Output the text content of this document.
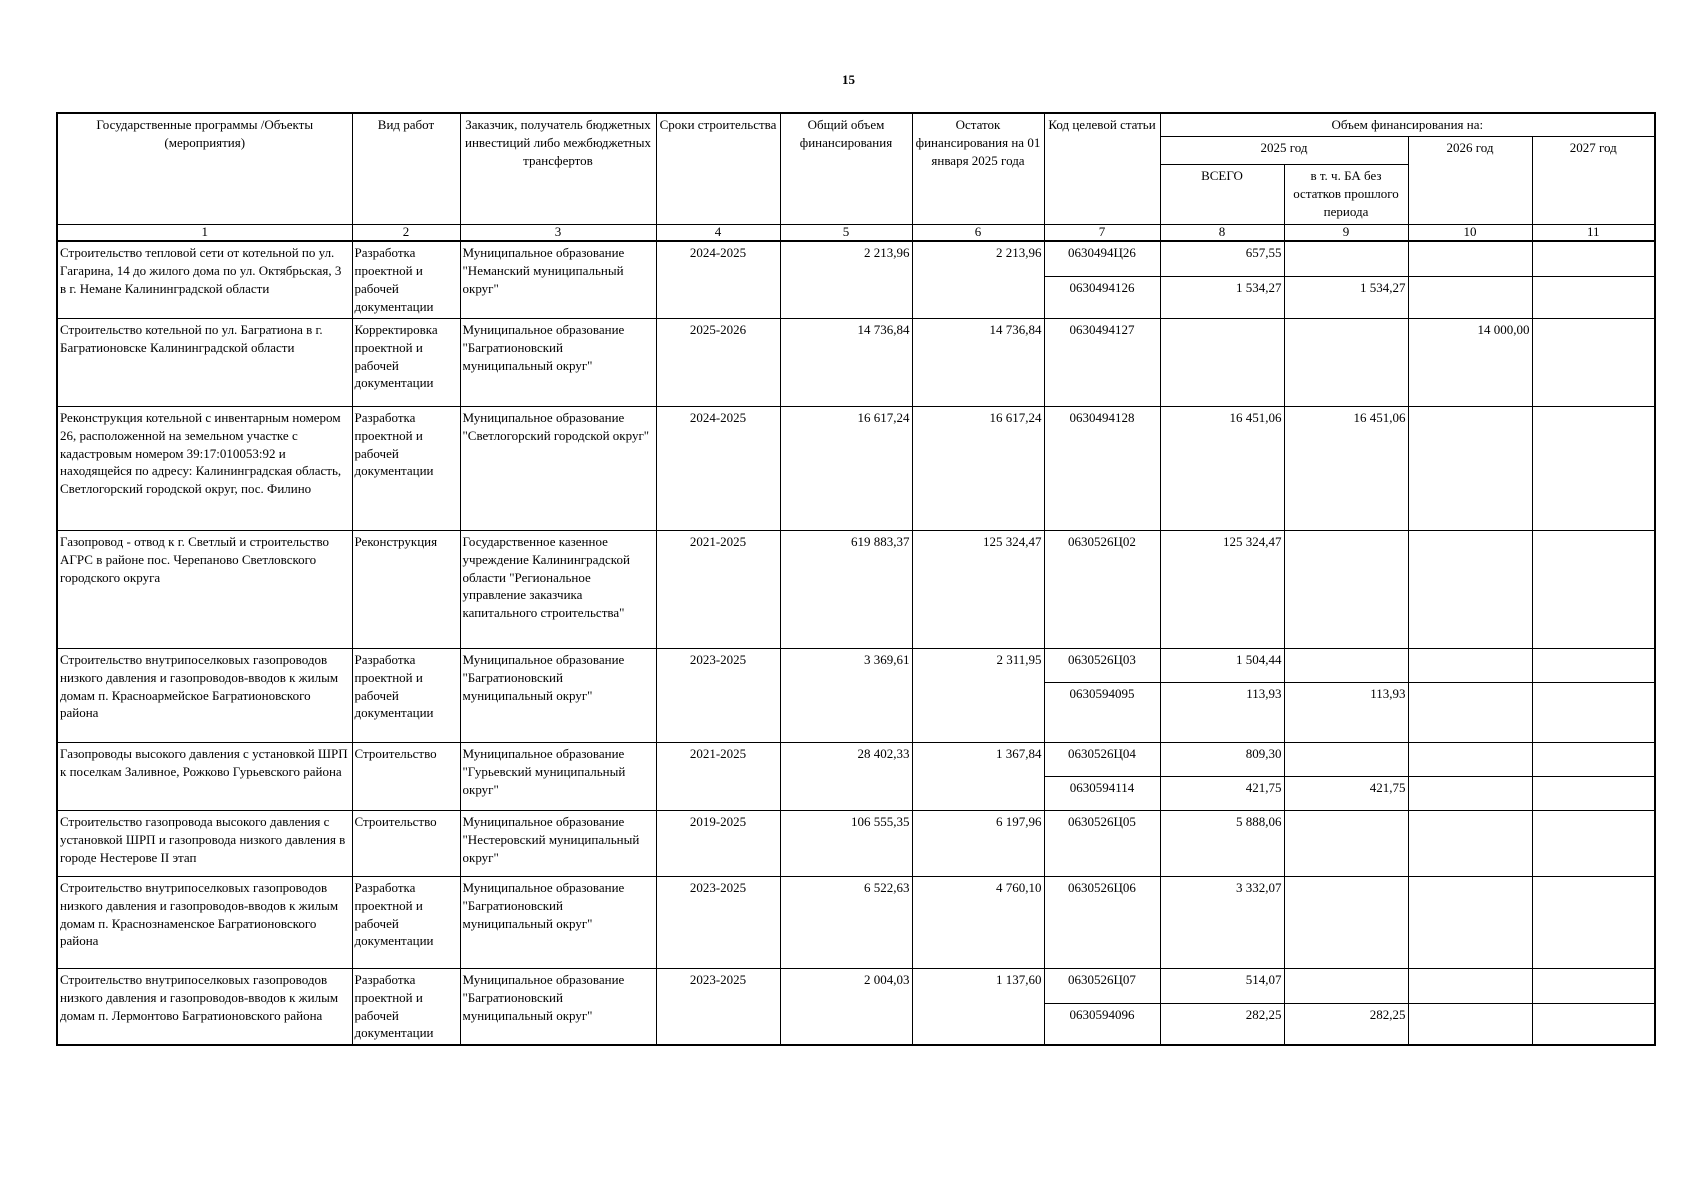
15
Государственные программы /Объекты (мероприятия)	Вид работ	Заказчик, получатель бюджетных инвестиций либо межбюджетных трансфертов	Сроки строительства	Общий объем финансирования	Остаток финансирования на 01 января 2025 года	Код целевой статьи	Объем финансирования на:			
							2025 год		2026 год	2027 год
							ВСЕГО	в т. ч. БА без остатков прошлого периода		
1	2	3	4	5	6	7	8	9	10	11
Строительство тепловой сети от котельной по ул. Гагарина, 14 до жилого дома по ул. Октябрьская, 3 в г. Немане Калининградской области	Разработка проектной и рабочей документации	Муниципальное образование "Неманский муниципальный округ"	2024-2025	2 213,96	2 213,96	0630494Ц26	657,55			
						0630494126	1 534,27	1 534,27		
Строительство котельной по ул. Багратиона в г. Багратионовске Калининградской области	Корректировка проектной и рабочей документации	Муниципальное образование "Багратионовский муниципальный округ"	2025-2026	14 736,84	14 736,84	0630494127			14 000,00	
Реконструкция котельной с инвентарным номером 26, расположенной на земельном участке с кадастровым номером 39:17:010053:92 и находящейся по адресу: Калининградская область, Светлогорский городской округ, пос. Филино	Разработка проектной и рабочей документации	Муниципальное образование "Светлогорский городской округ"	2024-2025	16 617,24	16 617,24	0630494128	16 451,06	16 451,06		
Газопровод - отвод к г. Светлый и строительство АГРС в районе пос. Черепаново Светловского городского округа	Реконструкция	Государственное казенное учреждение Калининградской области "Региональное управление заказчика капитального строительства"	2021-2025	619 883,37	125 324,47	0630526Ц02	125 324,47			
Строительство внутрипоселковых газопроводов низкого давления и газопроводов-вводов к жилым домам п. Красноармейское Багратионовского района	Разработка проектной и рабочей документации	Муниципальное образование "Багратионовский муниципальный округ"	2023-2025	3 369,61	2 311,95	0630526Ц03	1 504,44			
						0630594095	113,93	113,93		
Газопроводы высокого давления с установкой ШРП к поселкам Заливное, Рожково Гурьевского района	Строительство	Муниципальное образование "Гурьевский муниципальный округ"	2021-2025	28 402,33	1 367,84	0630526Ц04	809,30			
						0630594114	421,75	421,75		
Строительство газопровода высокого давления с установкой ШРП и газопровода низкого давления в городе Нестерове II этап	Строительство	Муниципальное образование "Нестеровский муниципальный округ"	2019-2025	106 555,35	6 197,96	0630526Ц05	5 888,06			
Строительство внутрипоселковых газопроводов низкого давления и газопроводов-вводов к жилым домам п. Краснознаменское Багратионовского района	Разработка проектной и рабочей документации	Муниципальное образование "Багратионовский муниципальный округ"	2023-2025	6 522,63	4 760,10	0630526Ц06	3 332,07			
Строительство внутрипоселковых газопроводов низкого давления и газопроводов-вводов к жилым домам п. Лермонтово Багратионовского района	Разработка проектной и рабочей документации	Муниципальное образование "Багратионовский муниципальный округ"	2023-2025	2 004,03	1 137,60	0630526Ц07	514,07			
						0630594096	282,25	282,25		
